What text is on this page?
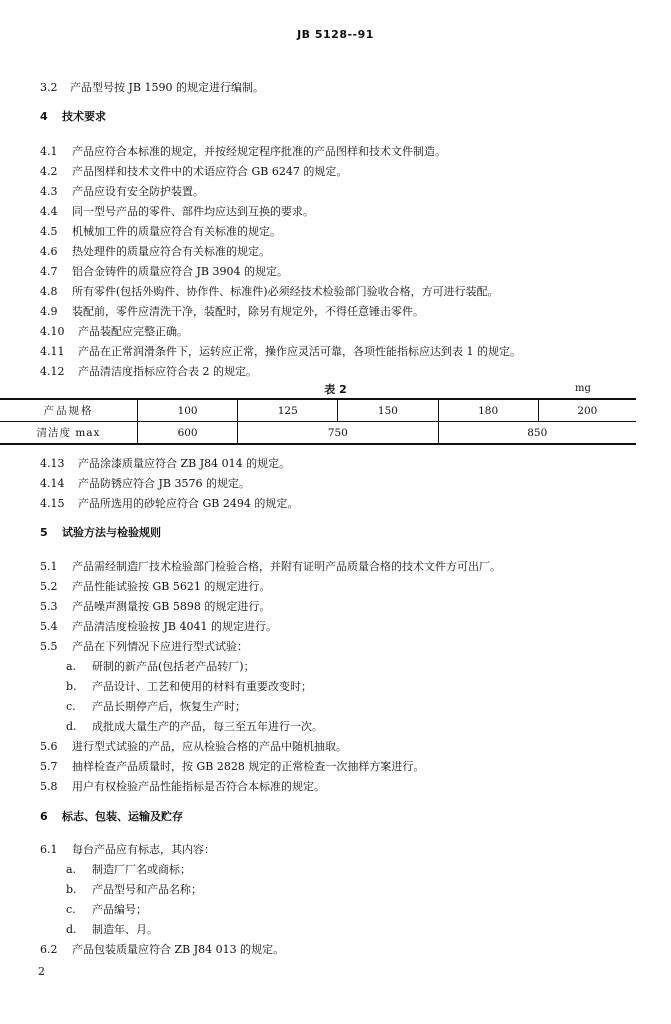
JB 5128--91
3.2 产品型号按 JB 1590 的规定进行编制。
4 技术要求
4.1 产品应符合本标准的规定，并按经规定程序批准的产品图样和技术文件制造。
4.2 产品图样和技术文件中的术语应符合 GB 6247 的规定。
4.3 产品应设有安全防护装置。
4.4 同一型号产品的零件、部件均应达到互换的要求。
4.5 机械加工件的质量应符合有关标准的规定。
4.6 热处理件的质量应符合有关标准的规定。
4.7 铝合金铸件的质量应符合 JB 3904 的规定。
4.8 所有零件(包括外购件、协作件、标准件)必须经技术检验部门验收合格，方可进行装配。
4.9 装配前，零件应清洗干净，装配时，除另有规定外，不得任意锤击零件。
4.10 产品装配应完整正确。
4.11 产品在正常润滑条件下，运转应正常，操作应灵活可靠，各项性能指标应达到表 1 的规定。
4.12 产品清洁度指标应符合表 2 的规定。
表 2	mg
产品规格	100	125	150	180	200
清洁度 max	600	750		850	
4.13 产品涂漆质量应符合 ZB J84 014 的规定。
4.14 产品防锈应符合 JB 3576 的规定。
4.15 产品所选用的砂轮应符合 GB 2494 的规定。
5 试验方法与检验规则
5.1 产品需经制造厂技术检验部门检验合格，并附有证明产品质量合格的技术文件方可出厂。
5.2 产品性能试验按 GB 5621 的规定进行。
5.3 产品噪声测量按 GB 5898 的规定进行。
5.4 产品清洁度检验按 JB 4041 的规定进行。
5.5 产品在下列情况下应进行型式试验：
a. 研制的新产品(包括老产品转厂)；
b. 产品设计、工艺和使用的材料有重要改变时；
c. 产品长期停产后，恢复生产时；
d. 成批成大量生产的产品，每三至五年进行一次。
5.6 进行型式试验的产品，应从检验合格的产品中随机抽取。
5.7 抽样检查产品质量时，按 GB 2828 规定的正常检查一次抽样方案进行。
5.8 用户有权检验产品性能指标是否符合本标准的规定。
6 标志、包装、运输及贮存
6.1 每台产品应有标志，其内容：
a. 制造厂厂名或商标；
b. 产品型号和产品名称；
c. 产品编号；
d. 制造年、月。
6.2 产品包装质量应符合 ZB J84 013 的规定。
2
